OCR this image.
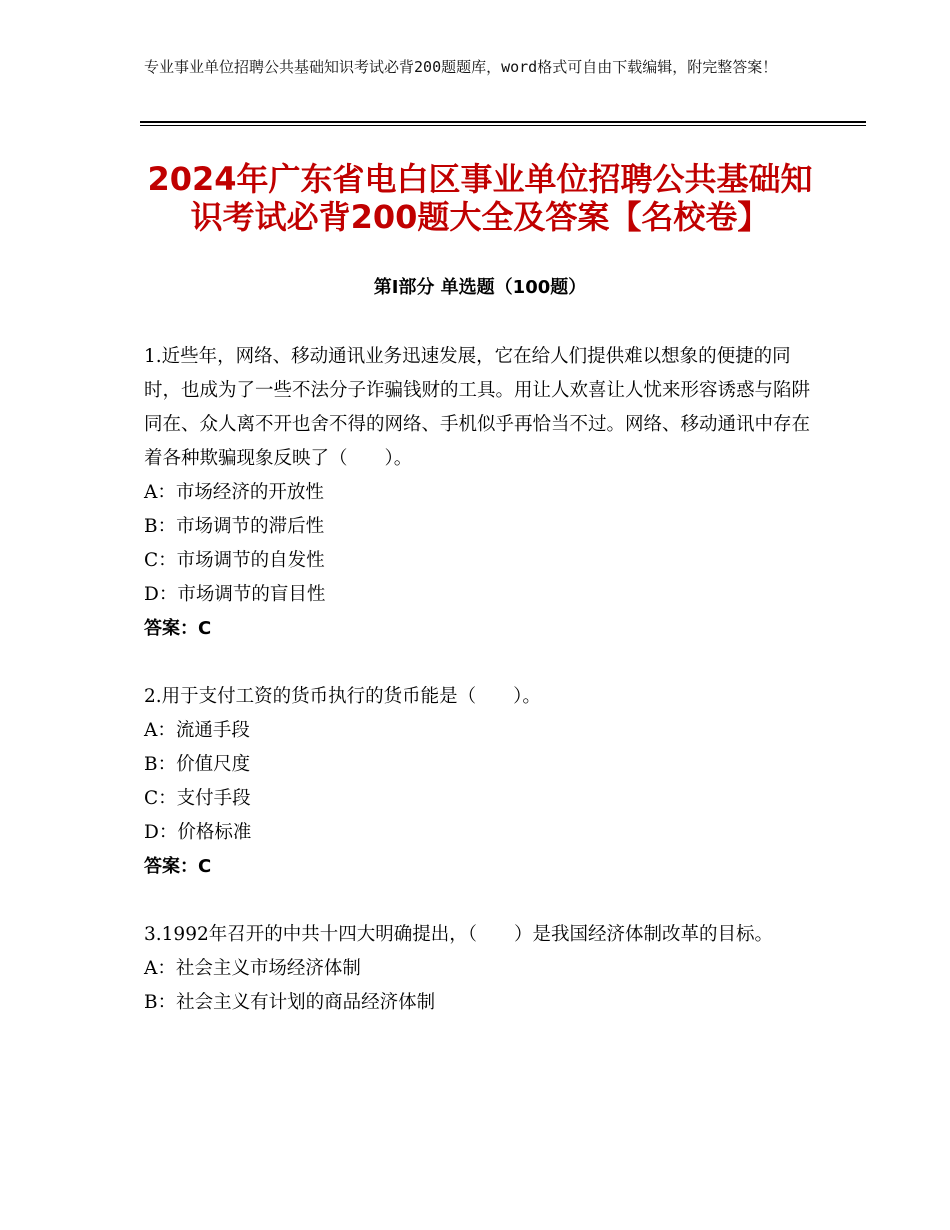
专业事业单位招聘公共基础知识考试必背200题题库，word格式可自由下载编辑，附完整答案！
2024年广东省电白区事业单位招聘公共基础知识考试必背200题大全及答案【名校卷】
第Ⅰ部分 单选题（100题）

1.近些年，网络、移动通讯业务迅速发展，它在给人们提供难以想象的便捷的同时，也成为了一些不法分子诈骗钱财的工具。用让人欢喜让人忧来形容诱惑与陷阱同在、众人离不开也舍不得的网络、手机似乎再恰当不过。网络、移动通讯中存在着各种欺骗现象反映了（　　）。

A：市场经济的开放性

B：市场调节的滞后性

C：市场调节的自发性

D：市场调节的盲目性

答案：C

2.用于支付工资的货币执行的货币能是（　　）。

A：流通手段

B：价值尺度

C：支付手段

D：价格标准

答案：C

3.1992年召开的中共十四大明确提出，（　　）是我国经济体制改革的目标。

A：社会主义市场经济体制

B：社会主义有计划的商品经济体制
